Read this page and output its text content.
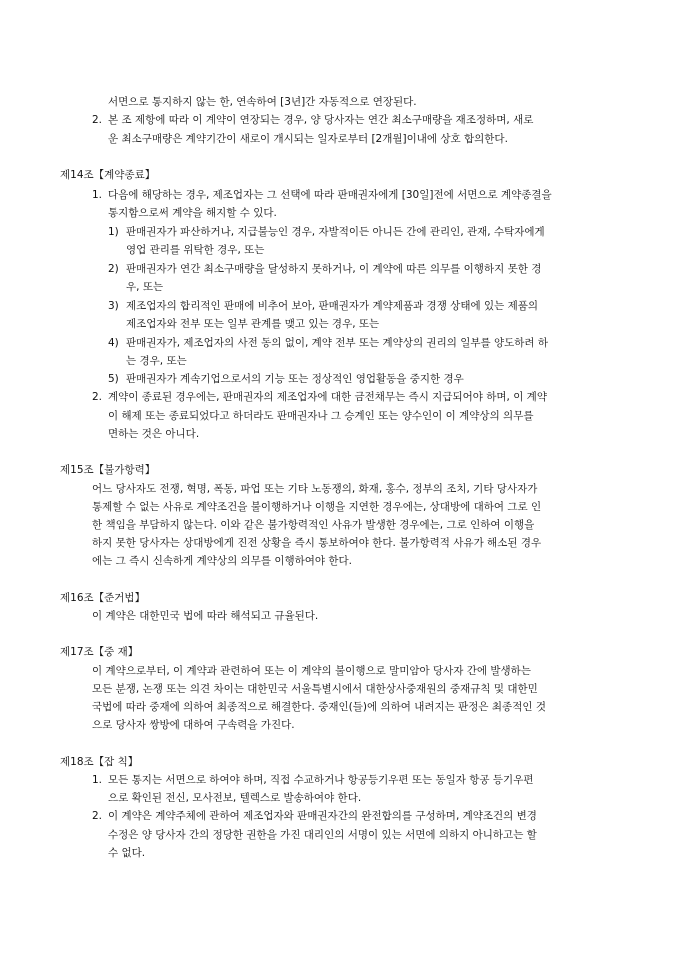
서면으로 통지하지 않는 한, 연속하여 [3년]간 자동적으로 연장된다.
2. 본 조 제항에 따라 이 계약이 연장되는 경우, 양 당사자는 연간 최소구매량을 재조정하며, 새로
운 최소구매량은 계약기간이 새로이 개시되는 일자로부터 [2개월]이내에 상호 합의한다.
제14조【계약종료】
1. 다음에 해당하는 경우, 제조업자는 그 선택에 따라 판매권자에게 [30일]전에 서면으로 계약종결을
통지함으로써 계약을 해지할 수 있다.
1) 판매권자가 파산하거나, 지급불능인 경우, 자발적이든 아니든 간에 관리인, 관재, 수탁자에게
영업 관리를 위탁한 경우, 또는
2) 판매권자가 연간 최소구매량을 달성하지 못하거나, 이 계약에 따른 의무를 이행하지 못한 경
우, 또는
3) 제조업자의 합리적인 판매에 비추어 보아, 판매권자가 계약제품과 경쟁 상태에 있는 제품의
제조업자와 전부 또는 일부 관계를 맺고 있는 경우, 또는
4) 판매권자가, 제조업자의 사전 동의 없이, 계약 전부 또는 계약상의 권리의 일부를 양도하려 하
는 경우, 또는
5) 판매권자가 계속기업으로서의 기능 또는 정상적인 영업활동을 중지한 경우
2. 계약이 종료된 경우에는, 판매권자의 제조업자에 대한 금전채무는 즉시 지급되어야 하며, 이 계약
이 해제 또는 종료되었다고 하더라도 판매권자나 그 승계인 또는 양수인이 이 계약상의 의무를
면하는 것은 아니다.
제15조【불가항력】
어느 당사자도 전쟁, 혁명, 폭동, 파업 또는 기타 노동쟁의, 화재, 홍수, 정부의 조치, 기타 당사자가
통제할 수 없는 사유로 계약조건을 불이행하거나 이행을 지연한 경우에는, 상대방에 대하여 그로 인
한 책임을 부담하지 않는다. 이와 같은 불가항력적인 사유가 발생한 경우에는, 그로 인하여 이행을
하지 못한 당사자는 상대방에게 진전 상황을 즉시 통보하여야 한다. 불가항력적 사유가 해소된 경우
에는 그 즉시 신속하게 계약상의 의무를 이행하여야 한다.
제16조【준거법】
이 계약은 대한민국 법에 따라 해석되고 규율된다.
제17조【중 재】
이 계약으로부터, 이 계약과 관련하여 또는 이 계약의 불이행으로 말미암아 당사자 간에 발생하는
모든 분쟁, 논쟁 또는 의견 차이는 대한민국 서울특별시에서 대한상사중재원의 중재규칙 및 대한민
국법에 따라 중재에 의하여 최종적으로 해결한다. 중재인(들)에 의하여 내려지는 판정은 최종적인 것
으로 당사자 쌍방에 대하여 구속력을 가진다.
제18조【잡 칙】
1. 모든 통지는 서면으로 하여야 하며, 직접 수교하거나 항공등기우편 또는 동일자 항공 등기우편
으로 확인된 전신, 모사전보, 텔렉스로 발송하여야 한다.
2. 이 계약은 계약주체에 관하여 제조업자와 판매권자간의 완전합의를 구성하며, 계약조건의 변경
수정은 양 당사자 간의 정당한 권한을 가진 대리인의 서명이 있는 서면에 의하지 아니하고는 할
수 없다.
